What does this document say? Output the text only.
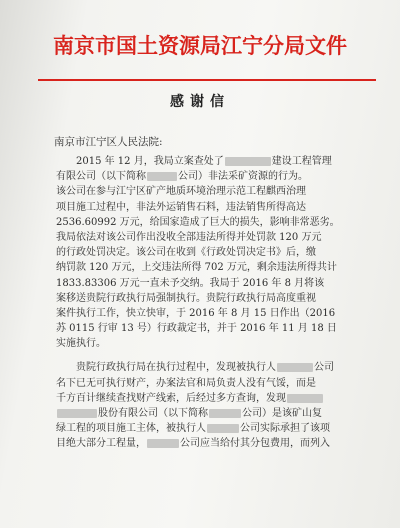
南京市国土资源局江宁分局文件
感谢信
南京市江宁区人民法院:
2015 年 12 月，我局立案查处了	建设工程管理
有限公司（以下简称	公司）非法采矿资源的行为。
该公司在参与江宁区矿产地质环境治理示范工程麒西治理
项目施工过程中，非法外运销售石料，违法销售所得高达
2536.60992 万元，给国家造成了巨大的损失，影响非常恶劣。
我局依法对该公司作出没收全部违法所得并处罚款 120 万元
的行政处罚决定。该公司在收到《行政处罚决定书》后，缴
纳罚款 120 万元，上交违法所得 702 万元，剩余违法所得共计
1833.83306 万元一直未予交纳。我局于 2016 年 8 月将该
案移送贵院行政执行局强制执行。贵院行政执行局高度重视
案件执行工作，快立快审，于 2016 年 8 月 15 日作出（2016
苏 0115 行审 13 号）行政裁定书，并于 2016 年 11 月 18 日
实施执行。
贵院行政执行局在执行过程中，发现被执行人	公司
名下已无可执行财产，办案法官和局负责人没有气馁，而是
千方百计继续查找财产线索，后经过多方查询，发现
股份有限公司（以下简称	公司）是该矿山复
绿工程的项目施工主体，被执行人	公司实际承担了该项
目绝大部分工程量，	公司应当给付其分包费用，而列入
